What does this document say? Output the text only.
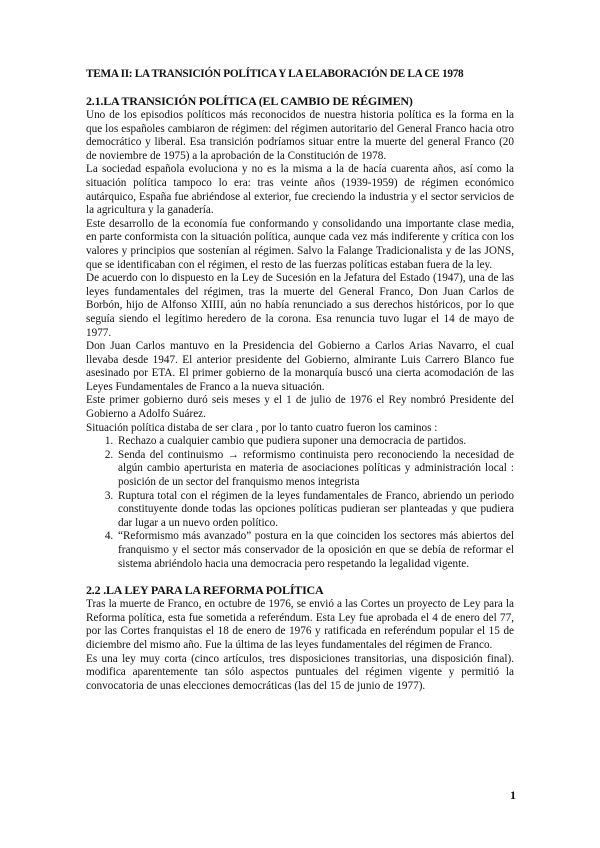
TEMA II: LA TRANSICIÓN POLÍTICA Y LA ELABORACIÓN DE LA CE 1978
2.1.LA TRANSICIÓN POLÍTICA (EL CAMBIO DE RÉGIMEN)

Uno de los episodios políticos más reconocidos de nuestra historia política es la forma en la que los españoles cambiaron de régimen: del régimen autoritario del General Franco hacia otro democrático y liberal. Esa transición podríamos situar entre la muerte del general Franco (20 de noviembre de 1975) a la aprobación de la Constitución de 1978.

La sociedad española evoluciona y no es la misma a la de hacía cuarenta años, así como la situación política tampoco lo era: tras veinte años (1939-1959) de régimen económico autárquico, España fue abriéndose al exterior, fue creciendo la industria y el sector servicios de la agricultura y la ganadería.

Este desarrollo de la economía fue conformando y consolidando una importante clase media, en parte conformista con la situación política, aunque cada vez más indiferente y crítica con los valores y principios que sostenían al régimen. Salvo la Falange Tradicionalista y de las JONS, que se identificaban con el régimen, el resto de las fuerzas políticas estaban fuera de la ley.

De acuerdo con lo dispuesto en la Ley de Sucesión en la Jefatura del Estado (1947), una de las leyes fundamentales del régimen, tras la muerte del General Franco, Don Juan Carlos de Borbón, hijo de Alfonso XIIII, aún no había renunciado a sus derechos históricos, por lo que seguía siendo el legítimo heredero de la corona. Esa renuncia tuvo lugar el 14 de mayo de 1977.

Don Juan Carlos mantuvo en la Presidencia del Gobierno a Carlos Arias Navarro, el cual llevaba desde 1947. El anterior presidente del Gobierno, almirante Luis Carrero Blanco fue asesinado por ETA. El primer gobierno de la monarquía buscó una cierta acomodación de las Leyes Fundamentales de Franco a la nueva situación.

Este primer gobierno duró seis meses y el 1 de julio de 1976 el Rey nombró Presidente del Gobierno a Adolfo Suárez.

Situación política distaba de ser clara , por lo tanto cuatro fueron los caminos :

1. Rechazo a cualquier cambio que pudiera suponer una democracia de partidos.
2. Senda del continuismo → reformismo continuista pero reconociendo la necesidad de algún cambio aperturista en materia de asociaciones políticas y administración local : posición de un sector del franquismo menos integrista
3. Ruptura total con el régimen de la leyes fundamentales de Franco, abriendo un periodo constituyente donde todas las opciones políticas pudieran ser planteadas y que pudiera dar lugar a un nuevo orden político.
4. “Reformismo más avanzado” postura en la que coinciden los sectores más abiertos del franquismo y el sector más conservador de la oposición en que se debía de reformar el sistema abriéndolo hacia una democracia pero respetando la legalidad vigente.
2.2 .LA LEY PARA LA REFORMA POLÍTICA

Tras la muerte de Franco, en octubre de 1976, se envió a las Cortes un proyecto de Ley para la Reforma política, esta fue sometida a referéndum. Esta Ley fue aprobada el 4 de enero del 77, por las Cortes franquistas el 18 de enero de 1976 y ratificada en referéndum popular el 15 de diciembre del mismo año. Fue la última de las leyes fundamentales del régimen de Franco.

Es una ley muy corta (cinco artículos, tres disposiciones transitorias, una disposición final). modifica aparentemente tan sólo aspectos puntuales del régimen vigente y permitió la convocatoria de unas elecciones democráticas (las del 15 de junio de 1977).

1
